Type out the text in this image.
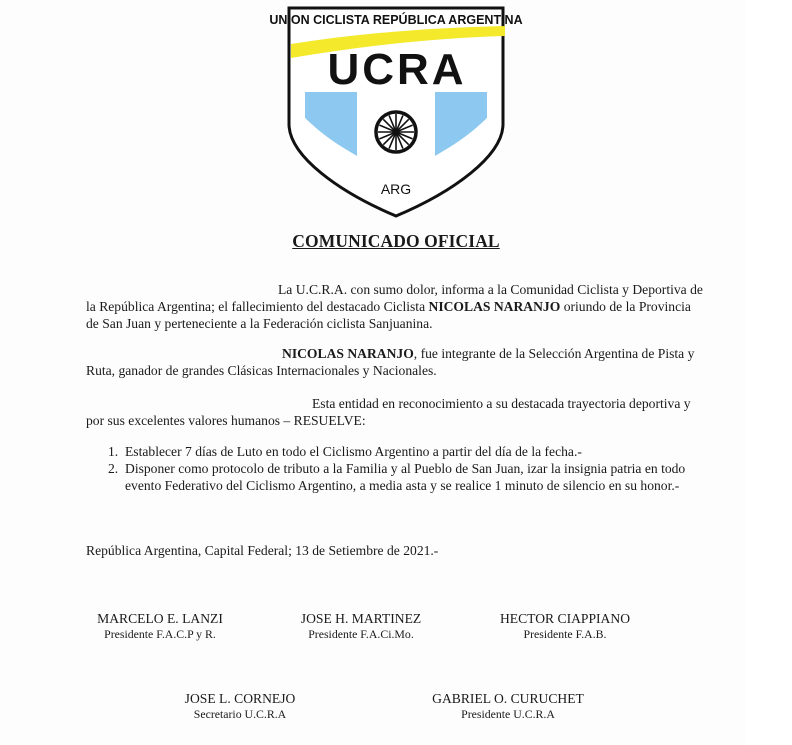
UNION CICLISTA REPÚBLICA ARGENTINA
UCRA
ARG
COMUNICADO OFICIAL

La U.C.R.A. con sumo dolor, informa a la Comunidad Ciclista y Deportiva de la República Argentina; el fallecimiento del destacado Ciclista NICOLAS NARANJO oriundo de la Provincia de San Juan y perteneciente a la Federación ciclista Sanjuanina.

NICOLAS NARANJO, fue integrante de la Selección Argentina de Pista y Ruta, ganador de grandes Clásicas Internacionales y Nacionales.

Esta entidad en reconocimiento a su destacada trayectoria deportiva y por sus excelentes valores humanos – RESUELVE:

1. Establecer 7 días de Luto en todo el Ciclismo Argentino a partir del día de la fecha.-
2. Disponer como protocolo de tributo a la Familia y al Pueblo de San Juan, izar la insignia patria en todo evento Federativo del Ciclismo Argentino, a media asta y se realice 1 minuto de silencio en su honor.-
República Argentina, Capital Federal; 13 de Setiembre de 2021.-
MARCELO E. LANZI
Presidente F.A.C.P y R.
JOSE H. MARTINEZ
Presidente F.A.Ci.Mo.
HECTOR CIAPPIANO
Presidente F.A.B.
JOSE L. CORNEJO
Secretario U.C.R.A
GABRIEL O. CURUCHET
Presidente U.C.R.A
